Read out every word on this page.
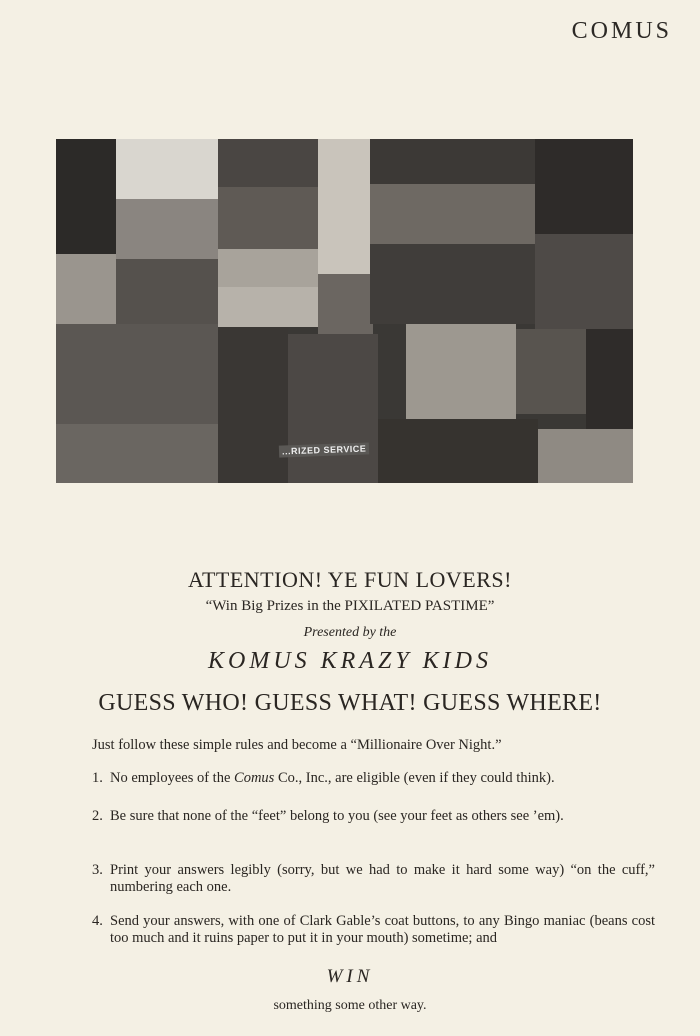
COMUS
...RIZED SERVICE
ATTENTION! YE FUN LOVERS!
“Win Big Prizes in the PIXILATED PASTIME”
Presented by the
KOMUS KRAZY KIDS
GUESS WHO! GUESS WHAT! GUESS WHERE!
Just follow these simple rules and become a “Millionaire Over Night.”
1. No employees of the Comus Co., Inc., are eligible (even if they could think).
2. Be sure that none of the “feet” belong to you (see your feet as others see ’em).
3. Print your answers legibly (sorry, but we had to make it hard some way) “on the cuff,” numbering each one.
4. Send your answers, with one of Clark Gable’s coat buttons, to any Bingo maniac (beans cost too much and it ruins paper to put it in your mouth) sometime; and
WIN
something some other way.
